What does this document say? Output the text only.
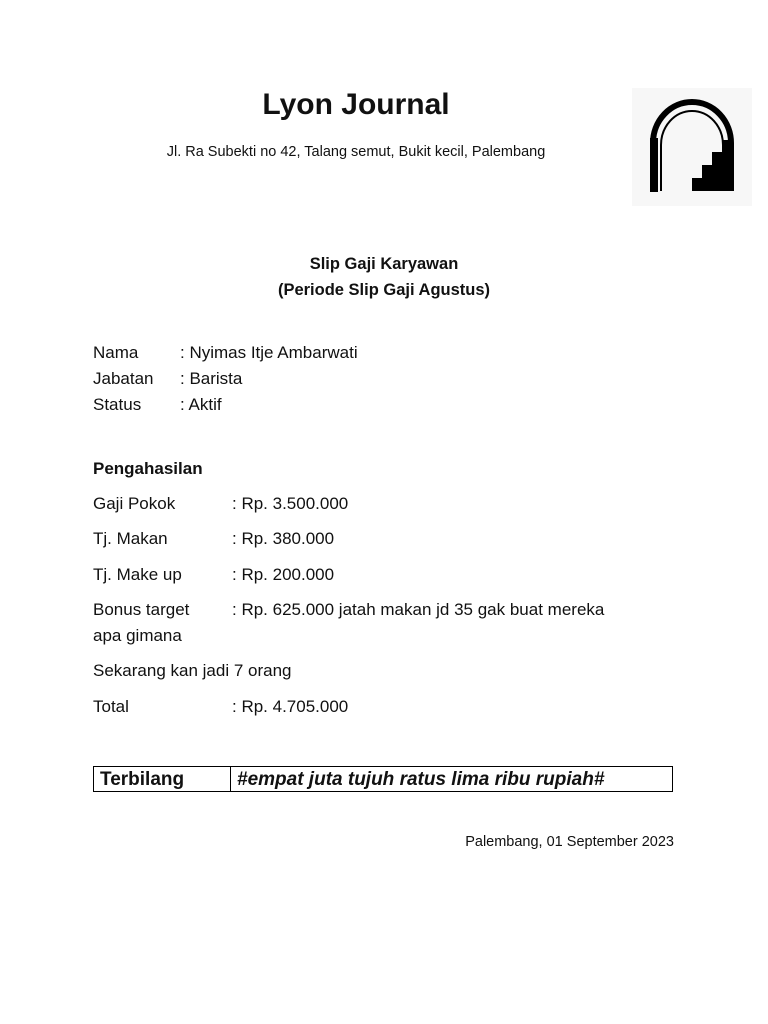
Lyon Journal
Jl. Ra Subekti no 42, Talang semut, Bukit kecil, Palembang
Slip Gaji Karyawan
(Periode Slip Gaji Agustus)
Nama : Nyimas Itje Ambarwati
Jabatan : Barista
Status : Aktif
Pengahasilan
Gaji Pokok	: Rp. 3.500.000
Tj. Makan	: Rp. 380.000
Tj. Make up	: Rp. 200.000
Bonus target	: Rp. 625.000 jatah makan jd 35 gak buat mereka
apa gimana
Sekarang kan jadi 7 orang
Total	: Rp. 4.705.000
Terbilang	#empat juta tujuh ratus lima ribu rupiah#
Palembang, 01 September 2023
